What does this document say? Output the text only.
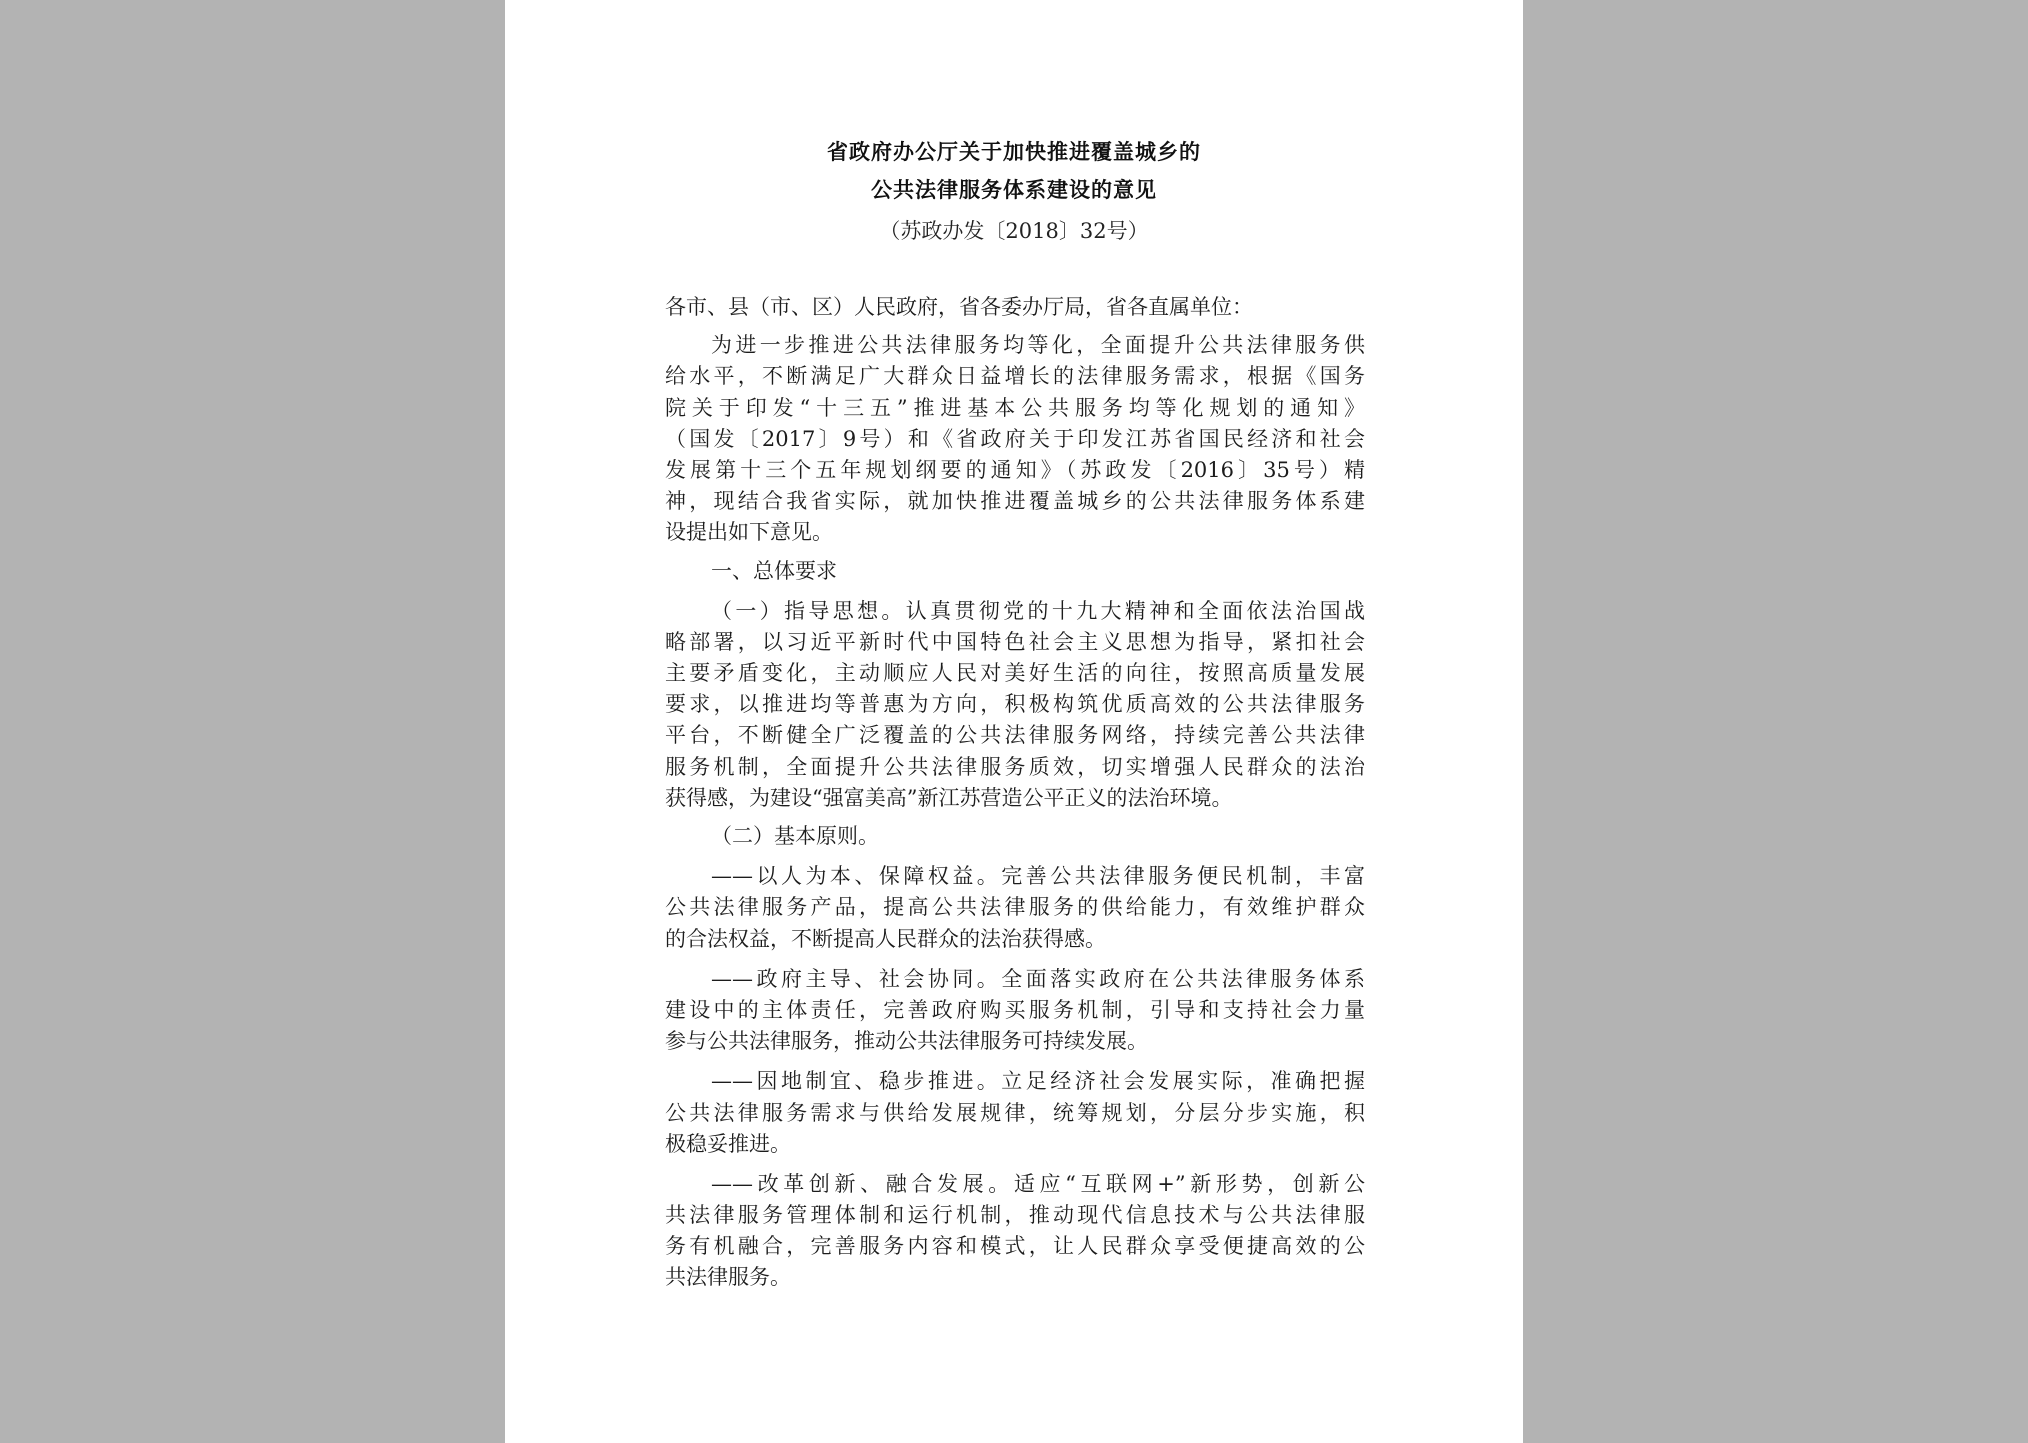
省政府办公厅关于加快推进覆盖城乡的
公共法律服务体系建设的意见
（苏政办发〔2018〕32号）
各市、县（市、区）人民政府，省各委办厅局，省各直属单位：
为进一步推进公共法律服务均等化，全面提升公共法律服务供
给水平，不断满足广大群众日益增长的法律服务需求，根据《国务
院关于印发“十三五”推进基本公共服务均等化规划的通知》
（国发〔2017〕9号）和《省政府关于印发江苏省国民经济和社会
发展第十三个五年规划纲要的通知》（苏政发〔2016〕35号）精
神，现结合我省实际，就加快推进覆盖城乡的公共法律服务体系建
设提出如下意见。
一、总体要求
（一）指导思想。认真贯彻党的十九大精神和全面依法治国战
略部署，以习近平新时代中国特色社会主义思想为指导，紧扣社会
主要矛盾变化，主动顺应人民对美好生活的向往，按照高质量发展
要求，以推进均等普惠为方向，积极构筑优质高效的公共法律服务
平台，不断健全广泛覆盖的公共法律服务网络，持续完善公共法律
服务机制，全面提升公共法律服务质效，切实增强人民群众的法治
获得感，为建设“强富美高”新江苏营造公平正义的法治环境。
（二）基本原则。
——以人为本、保障权益。完善公共法律服务便民机制，丰富
公共法律服务产品，提高公共法律服务的供给能力，有效维护群众
的合法权益，不断提高人民群众的法治获得感。
——政府主导、社会协同。全面落实政府在公共法律服务体系
建设中的主体责任，完善政府购买服务机制，引导和支持社会力量
参与公共法律服务，推动公共法律服务可持续发展。
——因地制宜、稳步推进。立足经济社会发展实际，准确把握
公共法律服务需求与供给发展规律，统筹规划，分层分步实施，积
极稳妥推进。
——改革创新、融合发展。适应“互联网+”新形势，创新公
共法律服务管理体制和运行机制，推动现代信息技术与公共法律服
务有机融合，完善服务内容和模式，让人民群众享受便捷高效的公
共法律服务。
